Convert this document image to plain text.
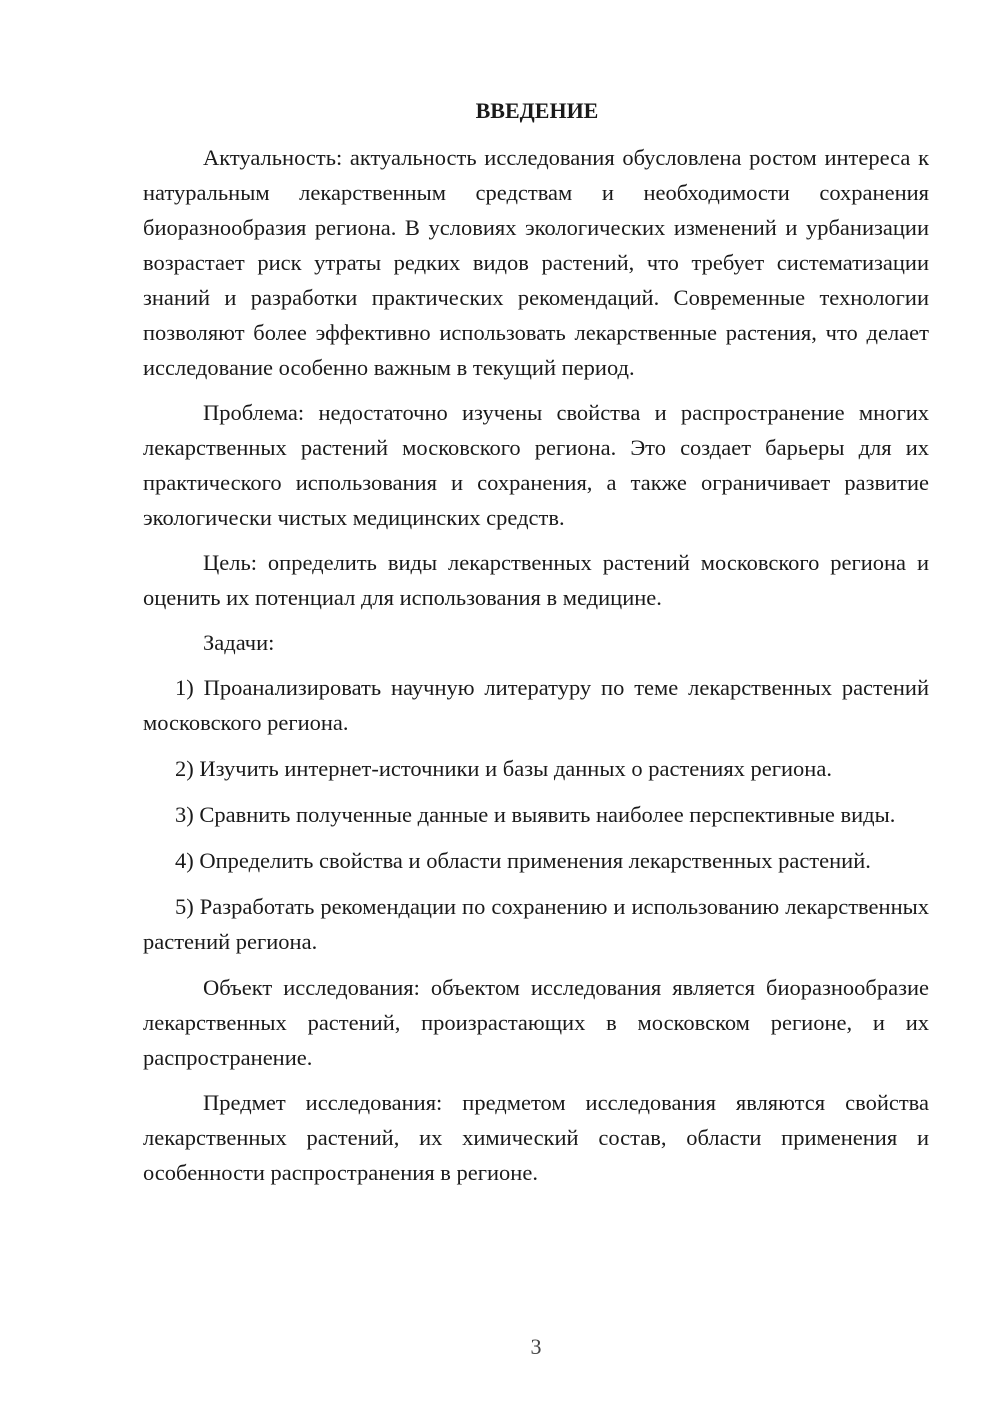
ВВЕДЕНИЕ

Актуальность: актуальность исследования обусловлена ростом интереса к натуральным лекарственным средствам и необходимости сохранения биоразнообразия региона. В условиях экологических изменений и урбанизации возрастает риск утраты редких видов растений, что требует систематизации знаний и разработки практических рекомендаций. Современные технологии позволяют более эффективно использовать лекарственные растения, что делает исследование особенно важным в текущий период.

Проблема: недостаточно изучены свойства и распространение многих лекарственных растений московского региона. Это создает барьеры для их практического использования и сохранения, а также ограничивает развитие экологически чистых медицинских средств.

Цель: определить виды лекарственных растений московского региона и оценить их потенциал для использования в медицине.

Задачи:

1) Проанализировать научную литературу по теме лекарственных растений московского региона.

2) Изучить интернет-источники и базы данных о растениях региона.

3) Сравнить полученные данные и выявить наиболее перспективные виды.

4) Определить свойства и области применения лекарственных растений.

5) Разработать рекомендации по сохранению и использованию лекарственных растений региона.

Объект исследования: объектом исследования является биоразнообразие лекарственных растений, произрастающих в московском регионе, и их распространение.

Предмет исследования: предметом исследования являются свойства лекарственных растений, их химический состав, области применения и особенности распространения в регионе.

3
